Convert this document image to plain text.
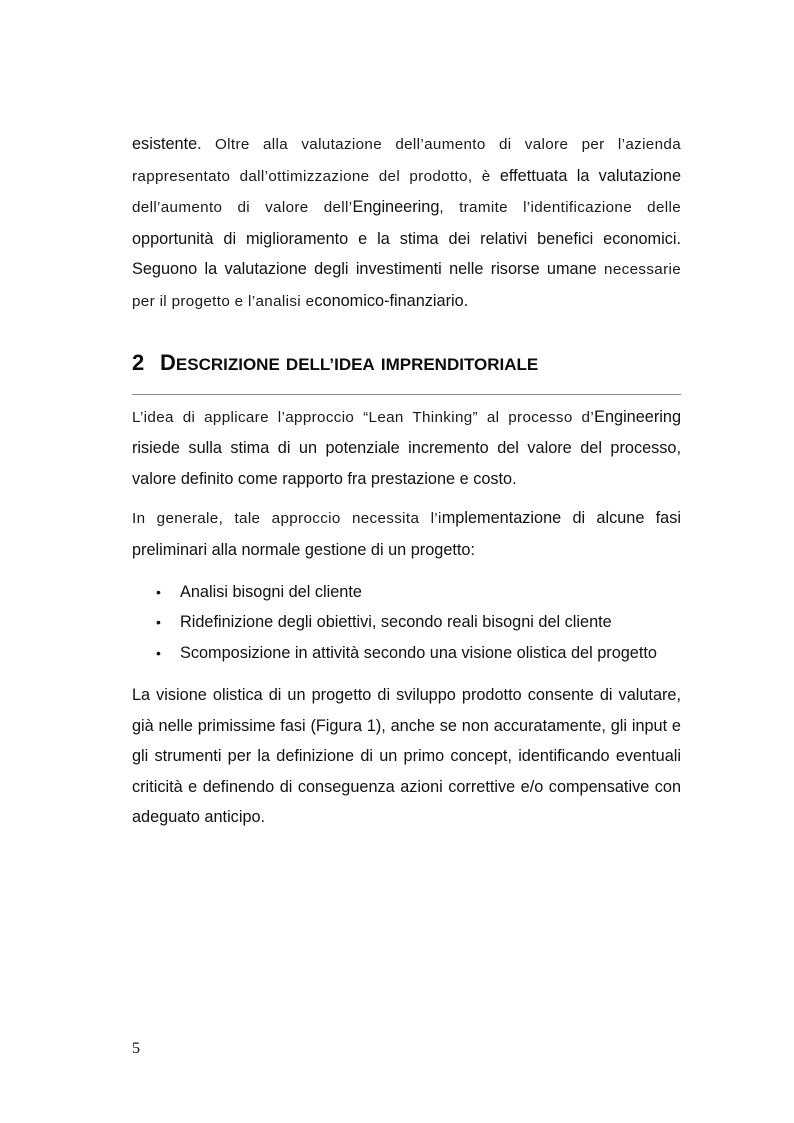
esistente. Oltre alla valutazione dell’aumento di valore per l’azienda rappresentato dall’ottimizzazione del prodotto, è effettuata la valutazione dell’aumento di valore dell’Engineering, tramite l’identificazione delle opportunità di miglioramento e la stima dei relativi benefici economici. Seguono la valutazione degli investimenti nelle risorse umane necessarie per il progetto e l’analisi economico-finanziario.

2 DESCRIZIONE DELL’IDEA IMPRENDITORIALE

L’idea di applicare l’approccio “Lean Thinking” al processo d’Engineering risiede sulla stima di un potenziale incremento del valore del processo, valore definito come rapporto fra prestazione e costo.

In generale, tale approccio necessita l’implementazione di alcune fasi preliminari alla normale gestione di un progetto:

• Analisi bisogni del cliente
• Ridefinizione degli obiettivi, secondo reali bisogni del cliente
• Scomposizione in attività secondo una visione olistica del progetto

La visione olistica di un progetto di sviluppo prodotto consente di valutare, già nelle primissime fasi (Figura 1), anche se non accuratamente, gli input e gli strumenti per la definizione di un primo concept, identificando eventuali criticità e definendo di conseguenza azioni correttive e/o compensative con adeguato anticipo.

5
